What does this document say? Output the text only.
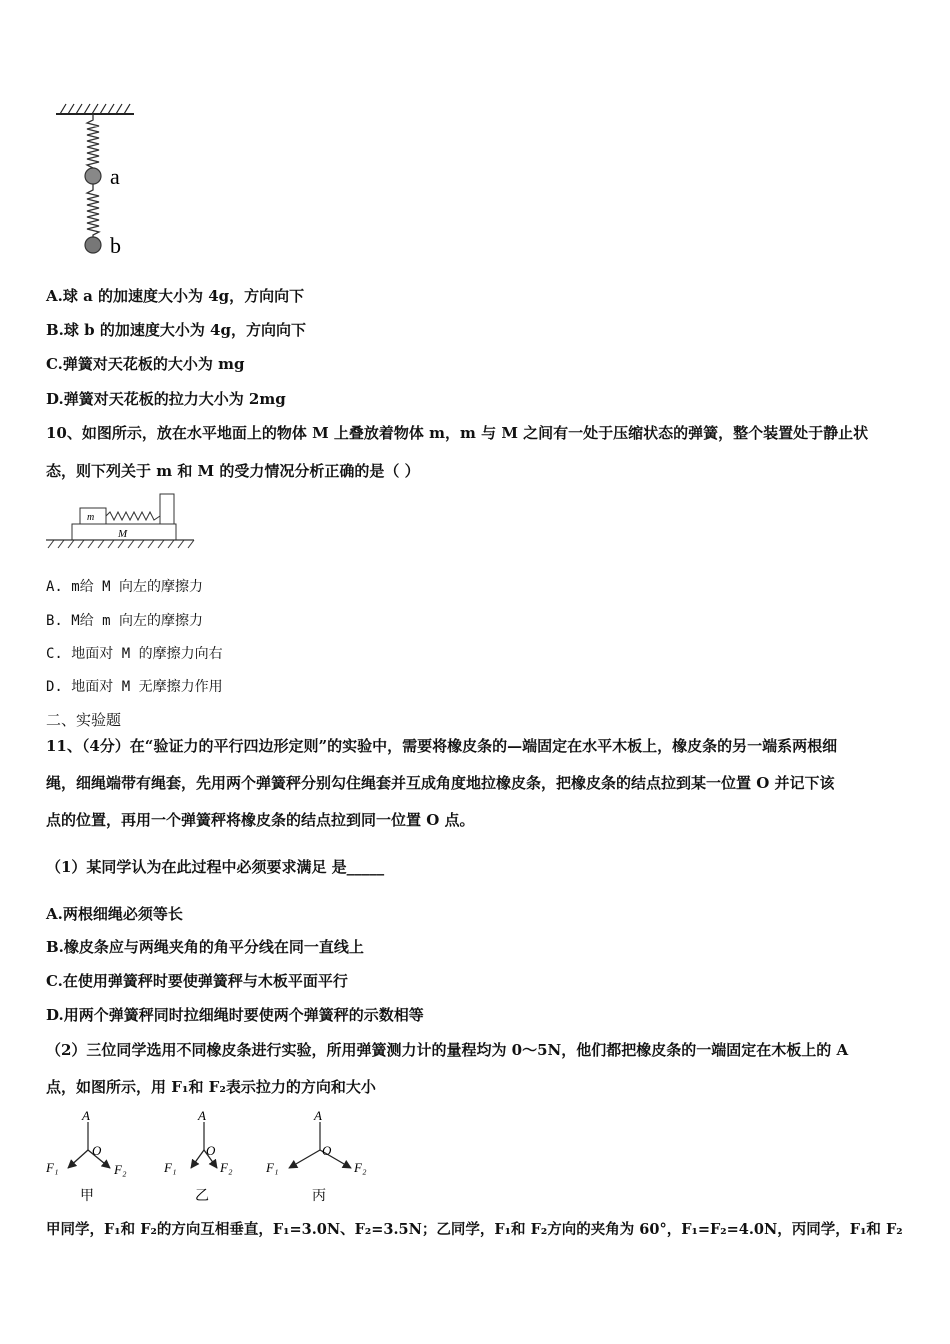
a
b
A.球 a 的加速度大小为 4g，方向向下
B.球 b 的加速度大小为 4g，方向向下
C.弹簧对天花板的大小为 mg
D.弹簧对天花板的拉力大小为 2mg
10、如图所示，放在水平地面上的物体 M 上叠放着物体 m，m 与 M 之间有一处于压缩状态的弹簧，整个装置处于静止状
态，则下列关于 m 和 M 的受力情况分析正确的是（ ）
m
M
A. m给 M 向左的摩擦力
B. M给 m 向左的摩擦力
C. 地面对 M 的摩擦力向右
D. 地面对 M 无摩擦力作用
二、实验题
11、（4分）在“验证力的平行四边形定则”的实验中，需要将橡皮条的—端固定在水平木板上，橡皮条的另一端系两根细
绳，细绳端带有绳套，先用两个弹簧秤分别勾住绳套并互成角度地拉橡皮条，把橡皮条的结点拉到某一位置 O 并记下该
点的位置，再用一个弹簧秤将橡皮条的结点拉到同一位置 O 点。
（1）某同学认为在此过程中必须要求满足 是_____
A.两根细绳必须等长
B.橡皮条应与两绳夹角的角平分线在同一直线上
C.在使用弹簧秤时要使弹簧秤与木板平面平行
D.用两个弹簧秤同时拉细绳时要使两个弹簧秤的示数相等
（2）三位同学选用不同橡皮条进行实验，所用弹簧测力计的量程均为 0～5N，他们都把橡皮条的一端固定在木板上的 A
点，如图所示，用 F₁和 F₂表示拉力的方向和大小
A
O
F₁	F₂
甲
A
O
F₁	F₂
乙
A
O
F₁	F₂
丙
甲同学，F₁和 F₂的方向互相垂直，F₁=3.0N、F₂=3.5N；乙同学，F₁和 F₂方向的夹角为 60°，F₁=F₂=4.0N，丙同学，F₁和 F₂
